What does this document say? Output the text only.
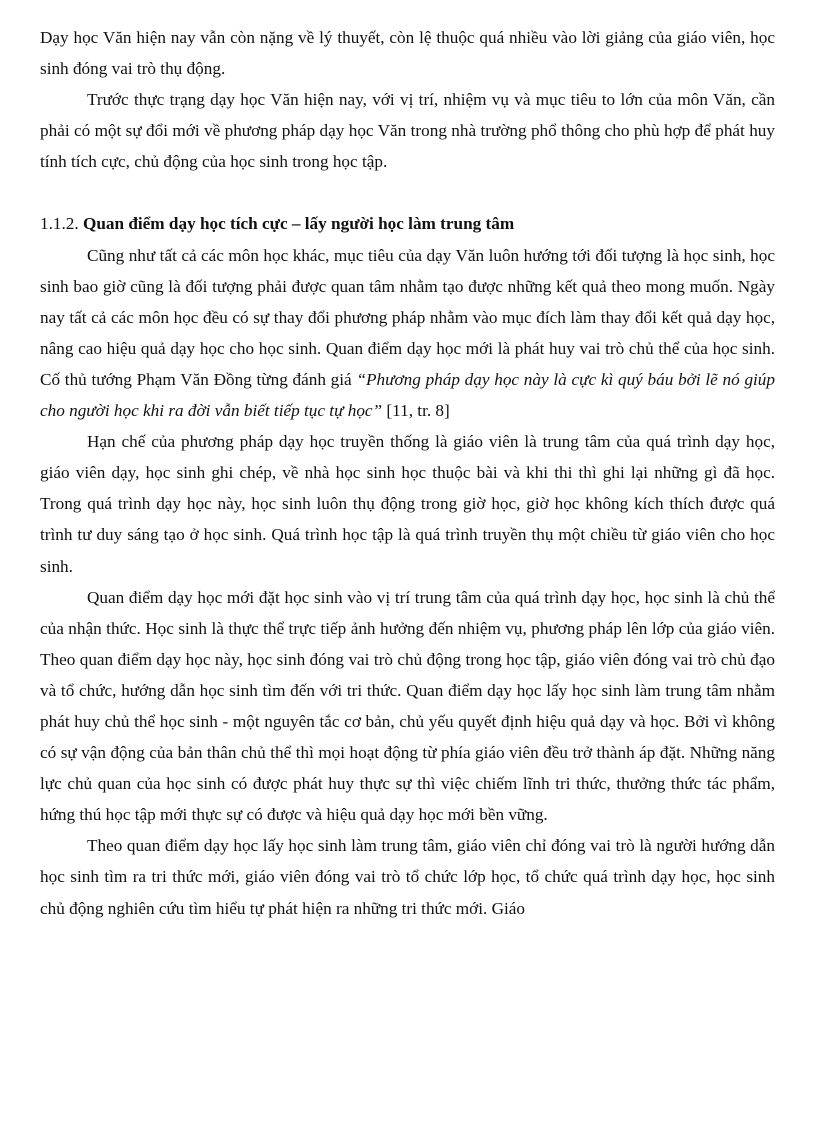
Dạy học Văn hiện nay vẫn còn nặng về lý thuyết, còn lệ thuộc quá nhiều vào lời giảng của giáo viên, học sinh đóng vai trò thụ động.

Trước thực trạng dạy học Văn hiện nay, với vị trí, nhiệm vụ và mục tiêu to lớn của môn Văn, cần phải có một sự đổi mới về phương pháp dạy học Văn trong nhà trường phổ thông cho phù hợp để phát huy tính tích cực, chủ động của học sinh trong học tập.

1.1.2. Quan điểm dạy học tích cực – lấy người học làm trung tâm

Cũng như tất cả các môn học khác, mục tiêu của dạy Văn luôn hướng tới đối tượng là học sinh, học sinh bao giờ cũng là đối tượng phải được quan tâm nhằm tạo được những kết quả theo mong muốn. Ngày nay tất cả các môn học đều có sự thay đổi phương pháp nhằm vào mục đích làm thay đổi kết quả dạy học, nâng cao hiệu quả dạy học cho học sinh. Quan điểm dạy học mới là phát huy vai trò chủ thể của học sinh. Cố thủ tướng Phạm Văn Đồng từng đánh giá “Phương pháp dạy học này là cực kì quý báu bởi lẽ nó giúp cho người học khi ra đời vẫn biết tiếp tục tự học” [11, tr. 8]

Hạn chế của phương pháp dạy học truyền thống là giáo viên là trung tâm của quá trình dạy học, giáo viên dạy, học sinh ghi chép, về nhà học sinh học thuộc bài và khi thi thì ghi lại những gì đã học. Trong quá trình dạy học này, học sinh luôn thụ động trong giờ học, giờ học không kích thích được quá trình tư duy sáng tạo ở học sinh. Quá trình học tập là quá trình truyền thụ một chiều từ giáo viên cho học sinh.

Quan điểm dạy học mới đặt học sinh vào vị trí trung tâm của quá trình dạy học, học sinh là chủ thể của nhận thức. Học sinh là thực thể trực tiếp ảnh hưởng đến nhiệm vụ, phương pháp lên lớp của giáo viên. Theo quan điểm dạy học này, học sinh đóng vai trò chủ động trong học tập, giáo viên đóng vai trò chủ đạo và tổ chức, hướng dẫn học sinh tìm đến với tri thức. Quan điểm dạy học lấy học sinh làm trung tâm nhằm phát huy chủ thể học sinh - một nguyên tắc cơ bản, chủ yếu quyết định hiệu quả dạy và học. Bởi vì không có sự vận động của bản thân chủ thể thì mọi hoạt động từ phía giáo viên đều trở thành áp đặt. Những năng lực chủ quan của học sinh có được phát huy thực sự thì việc chiếm lĩnh tri thức, thưởng thức tác phẩm, hứng thú học tập mới thực sự có được và hiệu quả dạy học mới bền vững.

Theo quan điểm dạy học lấy học sinh làm trung tâm, giáo viên chỉ đóng vai trò là người hướng dẫn học sinh tìm ra tri thức mới, giáo viên đóng vai trò tổ chức lớp học, tổ chức quá trình dạy học, học sinh chủ động nghiên cứu tìm hiểu tự phát hiện ra những tri thức mới. Giáo
